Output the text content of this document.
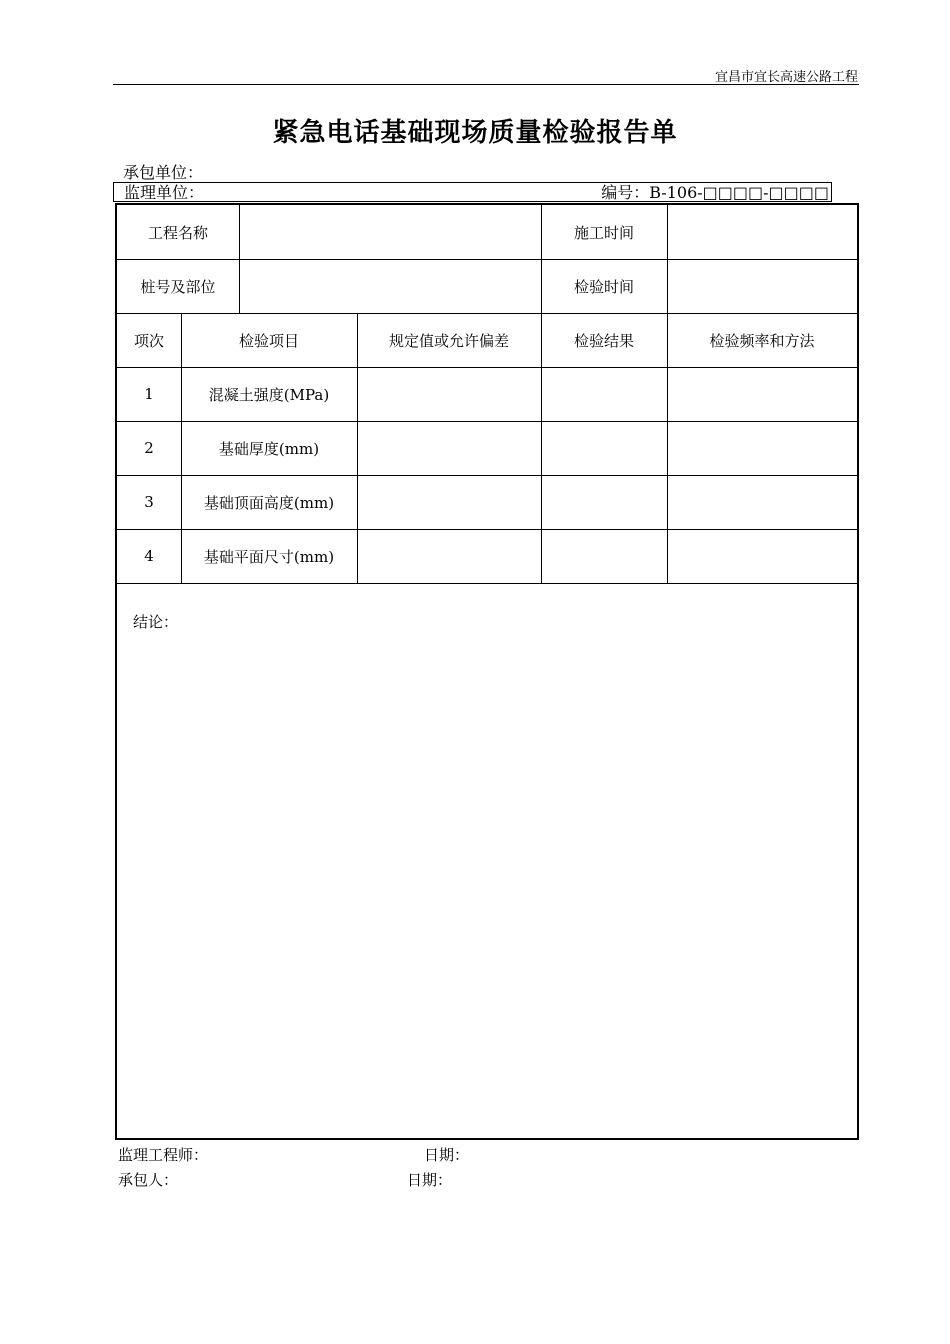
宜昌市宜长高速公路工程
紧急电话基础现场质量检验报告单
承包单位：
监理单位：	编号：B-106-□□□□-□□□□
工程名称	施工时间
桩号及部位	检验时间
项次	检验项目	规定值或允许偏差	检验结果	检验频率和方法
1	混凝土强度(MPa)
2	基础厚度(mm)
3	基础顶面高度(mm)
4	基础平面尺寸(mm)
结论：
监理工程师：	日期：
承包人：	日期：
